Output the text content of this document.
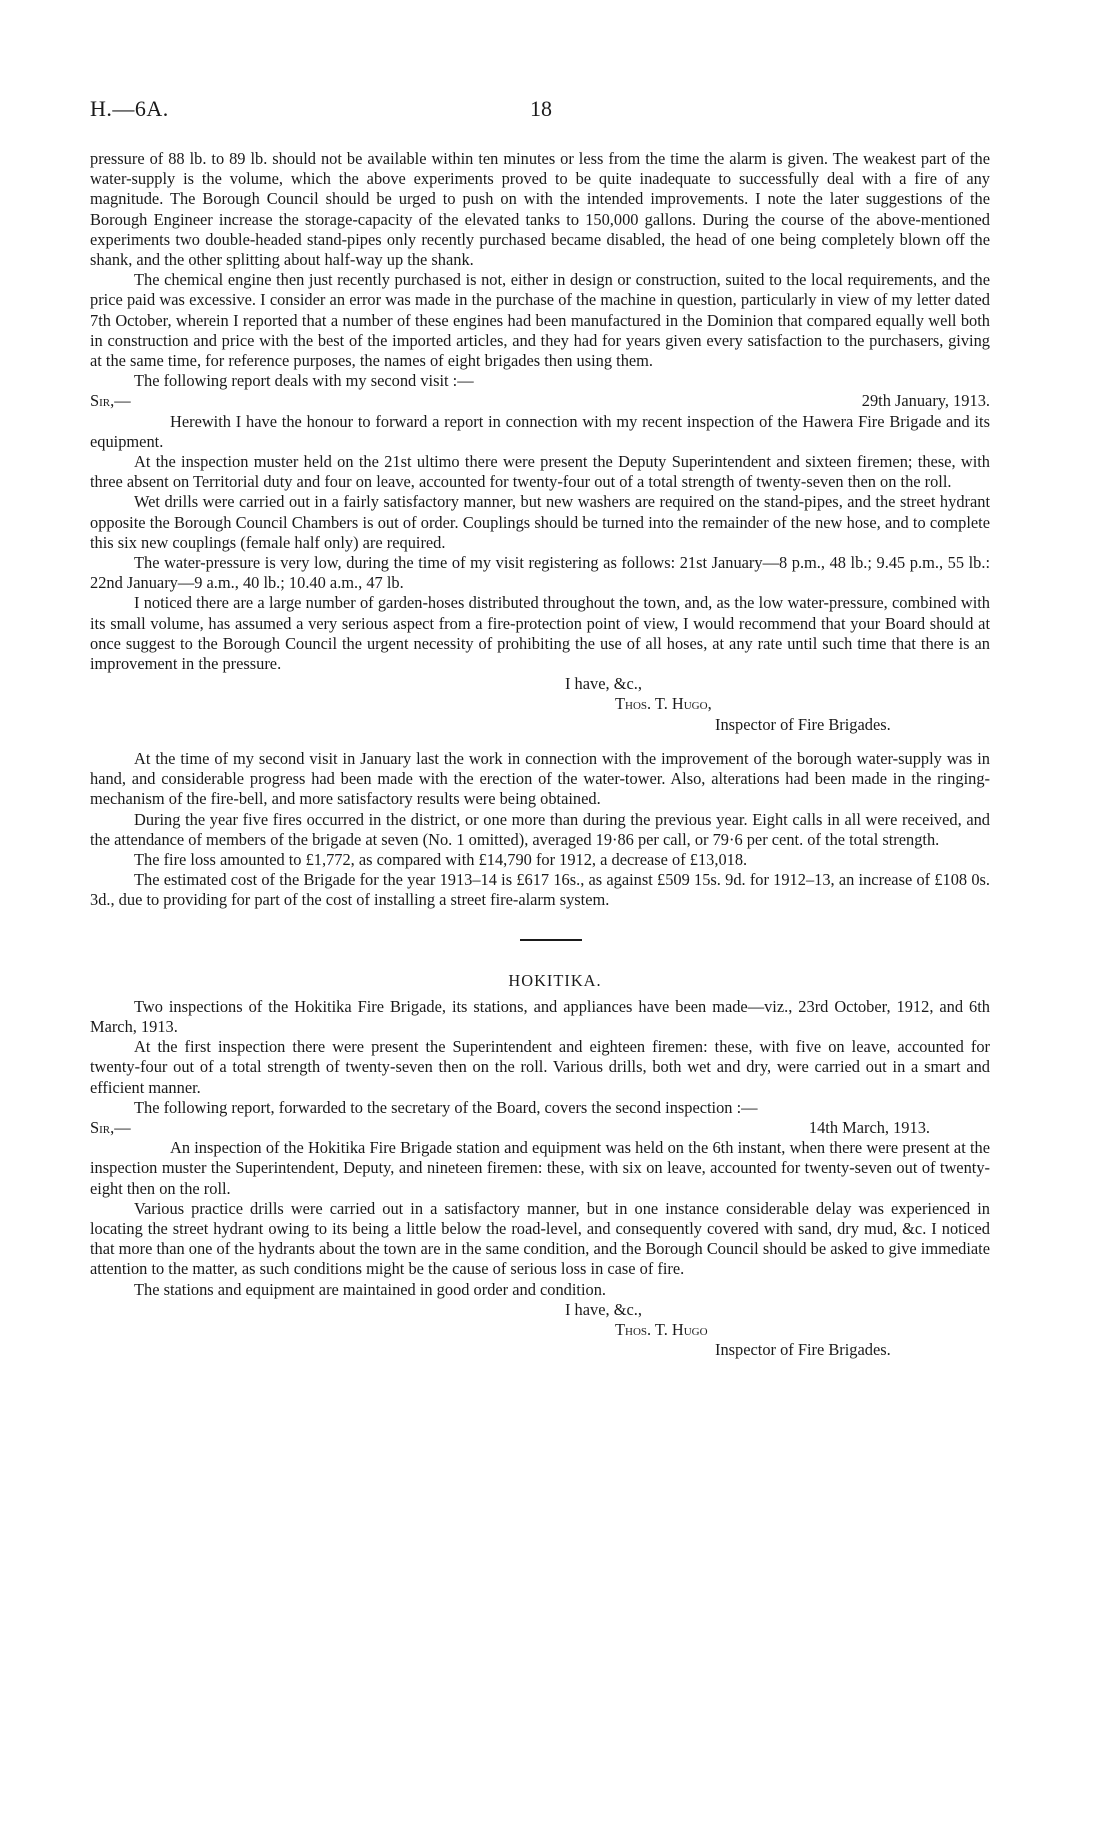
H.—6A.	18

pressure of 88 lb. to 89 lb. should not be available within ten minutes or less from the time the alarm is given. The weakest part of the water-supply is the volume, which the above experiments proved to be quite inadequate to successfully deal with a fire of any magnitude. The Borough Council should be urged to push on with the intended improvements. I note the later suggestions of the Borough Engineer increase the storage-capacity of the elevated tanks to 150,000 gallons. During the course of the above-mentioned experiments two double-headed stand-pipes only recently purchased became disabled, the head of one being completely blown off the shank, and the other splitting about half-way up the shank.

The chemical engine then just recently purchased is not, either in design or construction, suited to the local requirements, and the price paid was excessive. I consider an error was made in the purchase of the machine in question, particularly in view of my letter dated 7th October, wherein I reported that a number of these engines had been manufactured in the Dominion that compared equally well both in construction and price with the best of the imported articles, and they had for years given every satisfaction to the purchasers, giving at the same time, for reference purposes, the names of eight brigades then using them.

The following report deals with my second visit :—

Sir,—	29th January, 1913.

Herewith I have the honour to forward a report in connection with my recent inspection of the Hawera Fire Brigade and its equipment.

At the inspection muster held on the 21st ultimo there were present the Deputy Superintendent and sixteen firemen; these, with three absent on Territorial duty and four on leave, accounted for twenty-four out of a total strength of twenty-seven then on the roll.

Wet drills were carried out in a fairly satisfactory manner, but new washers are required on the stand-pipes, and the street hydrant opposite the Borough Council Chambers is out of order. Couplings should be turned into the remainder of the new hose, and to complete this six new couplings (female half only) are required.

The water-pressure is very low, during the time of my visit registering as follows: 21st January—8 p.m., 48 lb.; 9.45 p.m., 55 lb.: 22nd January—9 a.m., 40 lb.; 10.40 a.m., 47 lb.

I noticed there are a large number of garden-hoses distributed throughout the town, and, as the low water-pressure, combined with its small volume, has assumed a very serious aspect from a fire-protection point of view, I would recommend that your Board should at once suggest to the Borough Council the urgent necessity of prohibiting the use of all hoses, at any rate until such time that there is an improvement in the pressure.

I have, &c.,
Thos. T. Hugo,
Inspector of Fire Brigades.

At the time of my second visit in January last the work in connection with the improvement of the borough water-supply was in hand, and considerable progress had been made with the erection of the water-tower. Also, alterations had been made in the ringing-mechanism of the fire-bell, and more satisfactory results were being obtained.

During the year five fires occurred in the district, or one more than during the previous year. Eight calls in all were received, and the attendance of members of the brigade at seven (No. 1 omitted), averaged 19·86 per call, or 79·6 per cent. of the total strength.

The fire loss amounted to £1,772, as compared with £14,790 for 1912, a decrease of £13,018.

The estimated cost of the Brigade for the year 1913–14 is £617 16s., as against £509 15s. 9d. for 1912–13, an increase of £108 0s. 3d., due to providing for part of the cost of installing a street fire-alarm system.

HOKITIKA.

Two inspections of the Hokitika Fire Brigade, its stations, and appliances have been made—viz., 23rd October, 1912, and 6th March, 1913.

At the first inspection there were present the Superintendent and eighteen firemen: these, with five on leave, accounted for twenty-four out of a total strength of twenty-seven then on the roll. Various drills, both wet and dry, were carried out in a smart and efficient manner.

The following report, forwarded to the secretary of the Board, covers the second inspection :—

Sir,—	14th March, 1913.

An inspection of the Hokitika Fire Brigade station and equipment was held on the 6th instant, when there were present at the inspection muster the Superintendent, Deputy, and nineteen firemen: these, with six on leave, accounted for twenty-seven out of twenty-eight then on the roll.

Various practice drills were carried out in a satisfactory manner, but in one instance considerable delay was experienced in locating the street hydrant owing to its being a little below the road-level, and consequently covered with sand, dry mud, &c. I noticed that more than one of the hydrants about the town are in the same condition, and the Borough Council should be asked to give immediate attention to the matter, as such conditions might be the cause of serious loss in case of fire.

The stations and equipment are maintained in good order and condition.

I have, &c.,
Thos. T. Hugo
Inspector of Fire Brigades.
